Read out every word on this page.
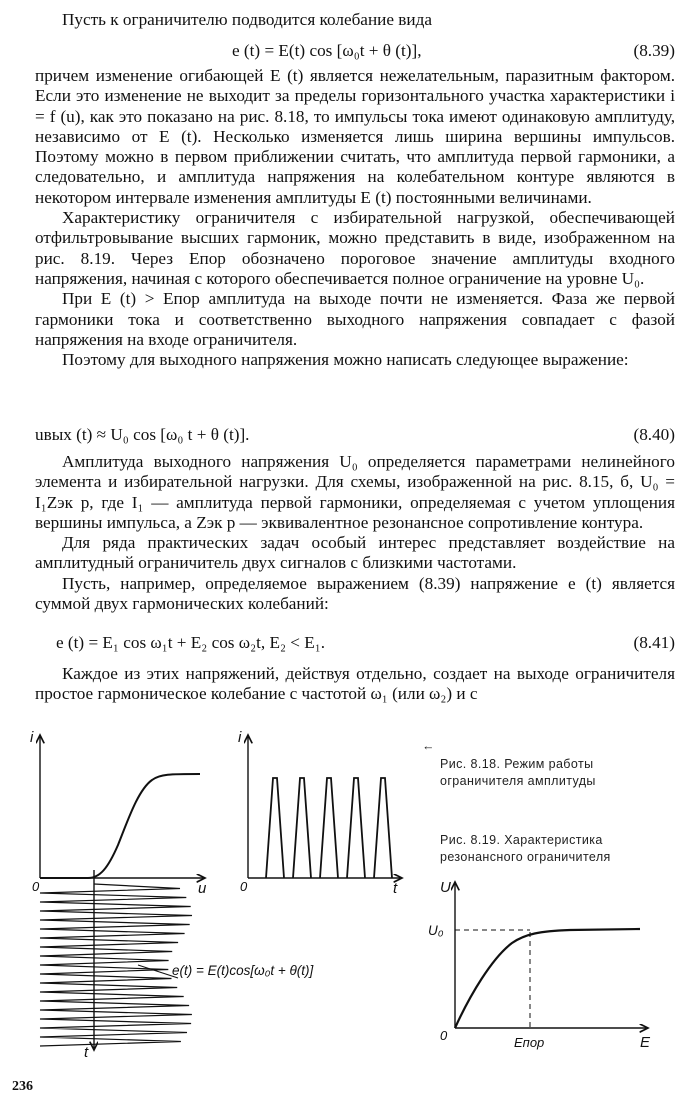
Пусть к ограничителю подводится колебание вида
e (t) = E(t) cos [ω₀t + θ (t)],	(8.39)

причем изменение огибающей E (t) является нежелательным, паразитным фактором. Если это изменение не выходит за пределы горизонтального участка характеристики i = f (u), как это показано на рис. 8.18, то импульсы тока имеют одинаковую амплитуду, независимо от E (t). Несколько изменяется лишь ширина вершины импульсов. Поэтому можно в первом приближении считать, что амплитуда первой гармоники, а следовательно, и амплитуда напряжения на колебательном контуре являются в некотором интервале изменения амплитуды E (t) постоянными величинами.

Характеристику ограничителя с избирательной нагрузкой, обеспечивающей отфильтровывание высших гармоник, можно представить в виде, изображенном на рис. 8.19. Через Eпор обозначено пороговое значение амплитуды входного напряжения, начиная с которого обеспечивается полное ограничение на уровне U₀.

При E (t) > Eпор амплитуда на выходе почти не изменяется. Фаза же первой гармоники тока и соответственно выходного напряжения совпадает с фазой напряжения на входе ограничителя.

Поэтому для выходного напряжения можно написать следующее выражение:

uвых (t) ≈ U₀ cos [ω₀ t + θ (t)].	(8.40)

Амплитуда выходного напряжения U₀ определяется параметрами нелинейного элемента и избирательной нагрузки. Для схемы, изображенной на рис. 8.15, б, U₀ = I₁Zэк р, где I₁ — амплитуда первой гармоники, определяемая с учетом уплощения вершины импульса, а Zэк р — эквивалентное резонансное сопротивление контура.

Для ряда практических задач особый интерес представляет воздействие на амплитудный ограничитель двух сигналов с близкими частотами.

Пусть, например, определяемое выражением (8.39) напряжение e (t) является суммой двух гармонических колебаний:

e (t) = E₁ cos ω₁t + E₂ cos ω₂t, E₂ < E₁.	(8.41)
Каждое из этих напряжений, действуя отдельно, создает на выходе ограничителя простое гармоническое колебание с частотой ω₁ (или ω₂) и с
i
0	u
e(t) = E(t)cos[ω₀t + θ(t)]
t
i
0	t	U
U₀
0	Eпор	E
←
Рис. 8.18. Режим работы ограничителя амплитуды
Рис. 8.19. Характеристика резонансного ограничителя
236
